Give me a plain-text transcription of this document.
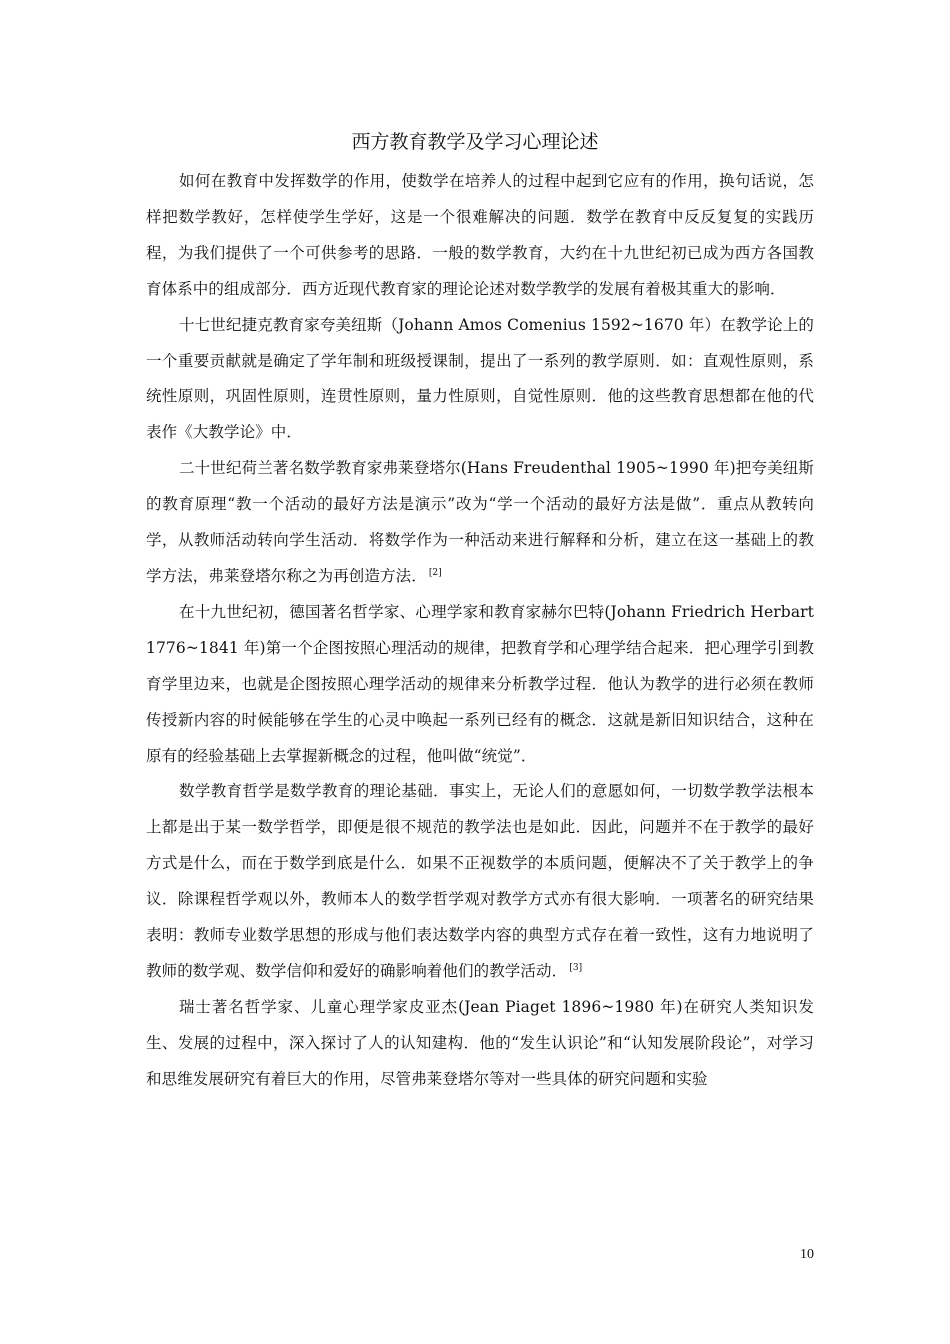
西方教育教学及学习心理论述

如何在教育中发挥数学的作用，使数学在培养人的过程中起到它应有的作用，换句话说，怎样把数学教好，怎样使学生学好，这是一个很难解决的问题．数学在教育中反反复复的实践历程，为我们提供了一个可供参考的思路．一般的数学教育，大约在十九世纪初已成为西方各国教育体系中的组成部分．西方近现代教育家的理论论述对数学教学的发展有着极其重大的影响．

十七世纪捷克教育家夸美纽斯（Johann Amos Comenius 1592~1670 年）在教学论上的一个重要贡献就是确定了学年制和班级授课制，提出了一系列的教学原则．如：直观性原则，系统性原则，巩固性原则，连贯性原则，量力性原则，自觉性原则．他的这些教育思想都在他的代表作《大教学论》中．

二十世纪荷兰著名数学教育家弗莱登塔尔(Hans Freudenthal 1905~1990 年)把夸美纽斯的教育原理“教一个活动的最好方法是演示”改为“学一个活动的最好方法是做”．重点从教转向学，从教师活动转向学生活动．将数学作为一种活动来进行解释和分析，建立在这一基础上的教学方法，弗莱登塔尔称之为再创造方法． [2]

在十九世纪初，德国著名哲学家、心理学家和教育家赫尔巴特(Johann Friedrich Herbart 1776~1841 年)第一个企图按照心理活动的规律，把教育学和心理学结合起来．把心理学引到教育学里边来，也就是企图按照心理学活动的规律来分析教学过程．他认为教学的进行必须在教师传授新内容的时候能够在学生的心灵中唤起一系列已经有的概念．这就是新旧知识结合，这种在原有的经验基础上去掌握新概念的过程，他叫做“统觉”．

数学教育哲学是数学教育的理论基础．事实上，无论人们的意愿如何，一切数学教学法根本上都是出于某一数学哲学，即便是很不规范的教学法也是如此．因此，问题并不在于教学的最好方式是什么，而在于数学到底是什么．如果不正视数学的本质问题，便解决不了关于教学上的争议．除课程哲学观以外，教师本人的数学哲学观对教学方式亦有很大影响．一项著名的研究结果表明：教师专业数学思想的形成与他们表达数学内容的典型方式存在着一致性，这有力地说明了教师的数学观、数学信仰和爱好的确影响着他们的教学活动． [3]

瑞士著名哲学家、儿童心理学家皮亚杰(Jean Piaget 1896~1980 年)在研究人类知识发生、发展的过程中，深入探讨了人的认知建构．他的“发生认识论”和“认知发展阶段论”，对学习和思维发展研究有着巨大的作用，尽管弗莱登塔尔等对一些具体的研究问题和实验

10
